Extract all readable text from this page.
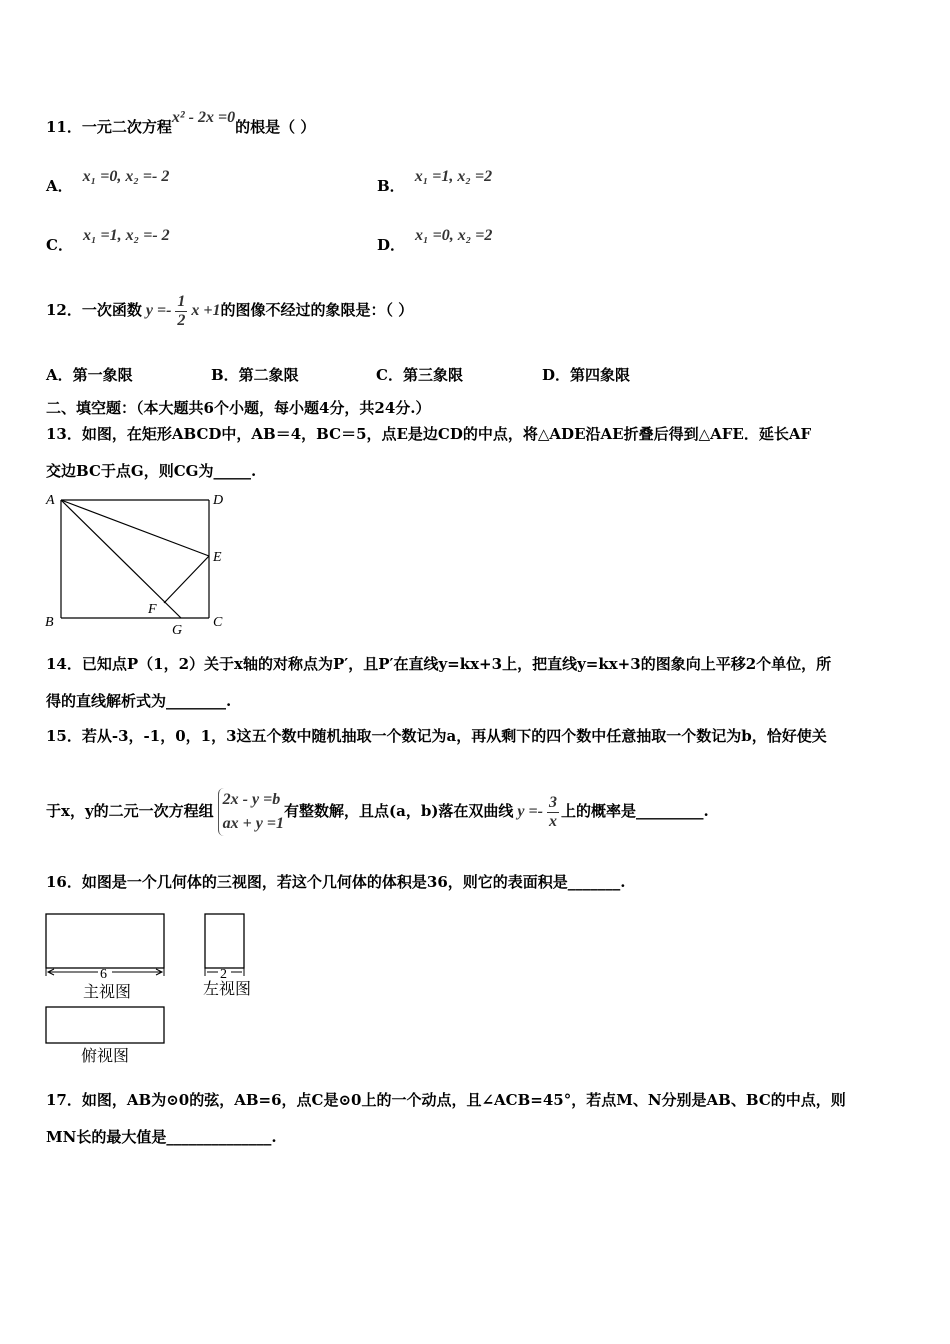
11．一元二次方程x² - 2x =0的根是（ ）
A．x₁ =0, x₂ =- 2
B．x₁ =1, x₂ =2
C．x₁ =1, x₂ =- 2
D．x₁ =0, x₂ =2
12．一次函数 $y =- \frac{1}{2}$ x +1的图像不经过的象限是：（ ）
A．第一象限	B．第二象限	C．第三象限	D．第四象限
二、填空题：（本大题共6个小题，每小题4分，共24分.）
13．如图，在矩形ABCD中，AB＝4，BC＝5，点E是边CD的中点，将△ADE沿AE折叠后得到△AFE．延长AF
交边BC于点G，则CG为_____.
A	D
E
B	C
F
G
14．已知点P（1，2）关于x轴的对称点为P′，且P′在直线y=kx+3上，把直线y=kx+3的图象向上平移2个单位，所
得的直线解析式为________.
15．若从-3，-1，0，1，3这五个数中随机抽取一个数记为a，再从剩下的四个数中任意抽取一个数记为b，恰好使关
于x，y的二元一次方程组
2x - y =b
ax + y =1
有整数解，且点(a，b)落在双曲线 $y =- \frac{3}{x}$ 上的概率是_________.
16．如图是一个几何体的三视图，若这个几何体的体积是36，则它的表面积是_______.
6
主视图
2
左视图
俯视图
17．如图，AB为⊙0的弦，AB=6，点C是⊙0上的一个动点，且∠ACB=45°，若点M、N分别是AB、BC的中点，则
MN长的最大值是______________.
